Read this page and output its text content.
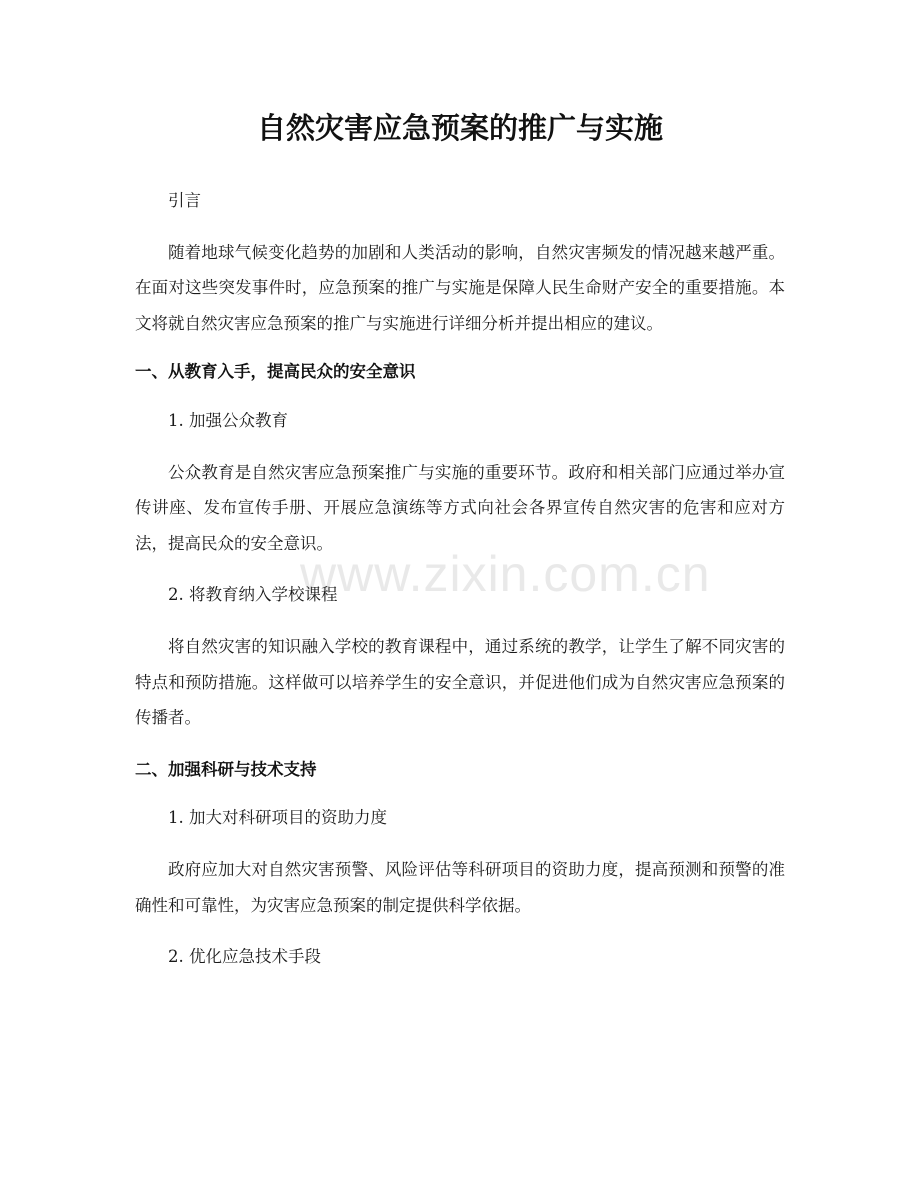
自然灾害应急预案的推广与实施

引言

随着地球气候变化趋势的加剧和人类活动的影响，自然灾害频发的情况越来越严重。在面对这些突发事件时，应急预案的推广与实施是保障人民生命财产安全的重要措施。本文将就自然灾害应急预案的推广与实施进行详细分析并提出相应的建议。

一、从教育入手，提高民众的安全意识

1. 加强公众教育

公众教育是自然灾害应急预案推广与实施的重要环节。政府和相关部门应通过举办宣传讲座、发布宣传手册、开展应急演练等方式向社会各界宣传自然灾害的危害和应对方法，提高民众的安全意识。

2. 将教育纳入学校课程

将自然灾害的知识融入学校的教育课程中，通过系统的教学，让学生了解不同灾害的特点和预防措施。这样做可以培养学生的安全意识，并促进他们成为自然灾害应急预案的传播者。

二、加强科研与技术支持

1. 加大对科研项目的资助力度

政府应加大对自然灾害预警、风险评估等科研项目的资助力度，提高预测和预警的准确性和可靠性，为灾害应急预案的制定提供科学依据。

2. 优化应急技术手段

www.zixin.com.cn
